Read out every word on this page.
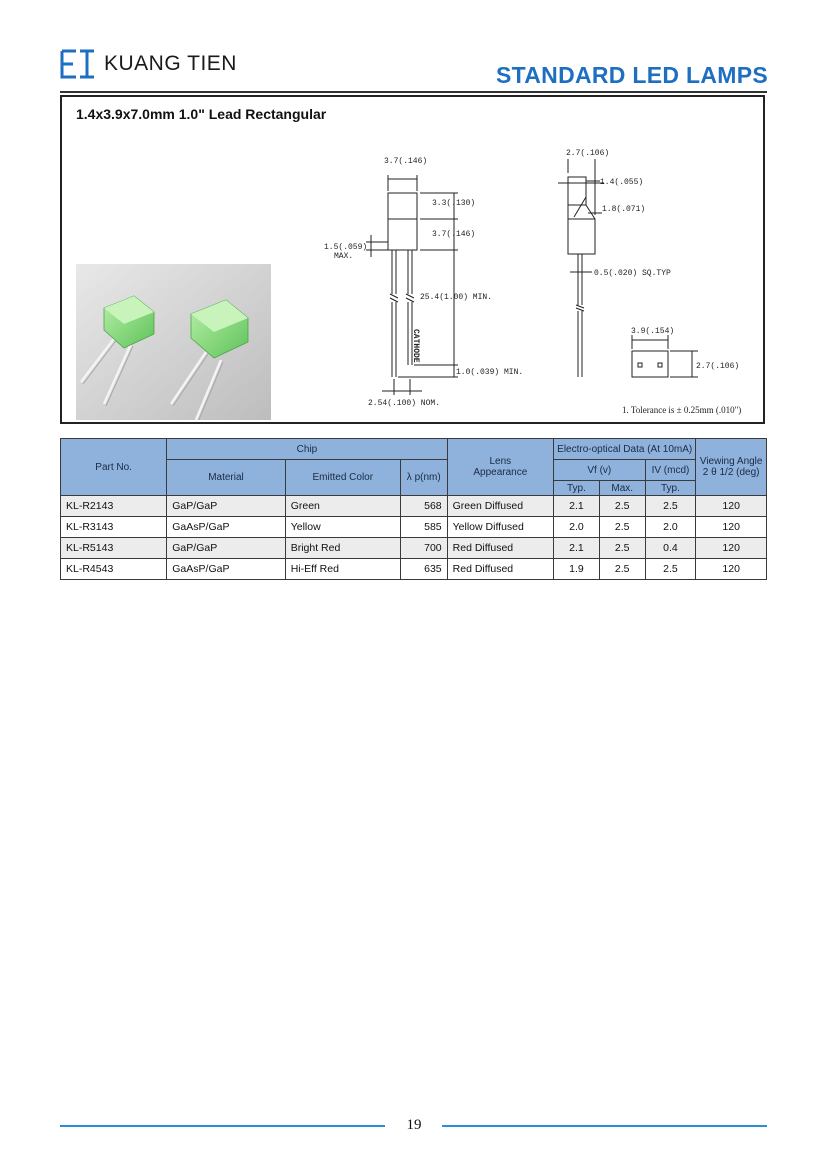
KUANG TIEN	STANDARD LED LAMPS
1.4x3.9x7.0mm 1.0" Lead Rectangular
3.7(.146)
3.3(.130)
3.7(.146)
1.5(.059)
MAX.
25.4(1.00) MIN.
1.0(.039) MIN.
2.54(.100) NOM.
CATHODE
2.7(.106)
1.4(.055)
1.8(.071)
0.5(.020) SQ.TYP
3.9(.154)
2.7(.106)
1. Tolerance is ± 0.25mm (.010")
Part No.	Chip			Lens
Appearance	Electro-optical Data (At 10mA)			Viewing Angle
2 θ 1/2 (deg)
	Material	Emitted Color	λ p(nm)		Vf (v)		IV (mcd)	
					Typ.	Max.	Typ.	
KL-R2143	GaP/GaP	Green	568	Green Diffused	2.1	2.5	2.5	120
KL-R3143	GaAsP/GaP	Yellow	585	Yellow Diffused	2.0	2.5	2.0	120
KL-R5143	GaP/GaP	Bright Red	700	Red Diffused	2.1	2.5	0.4	120
KL-R4543	GaAsP/GaP	Hi-Eff Red	635	Red Diffused	1.9	2.5	2.5	120
19
